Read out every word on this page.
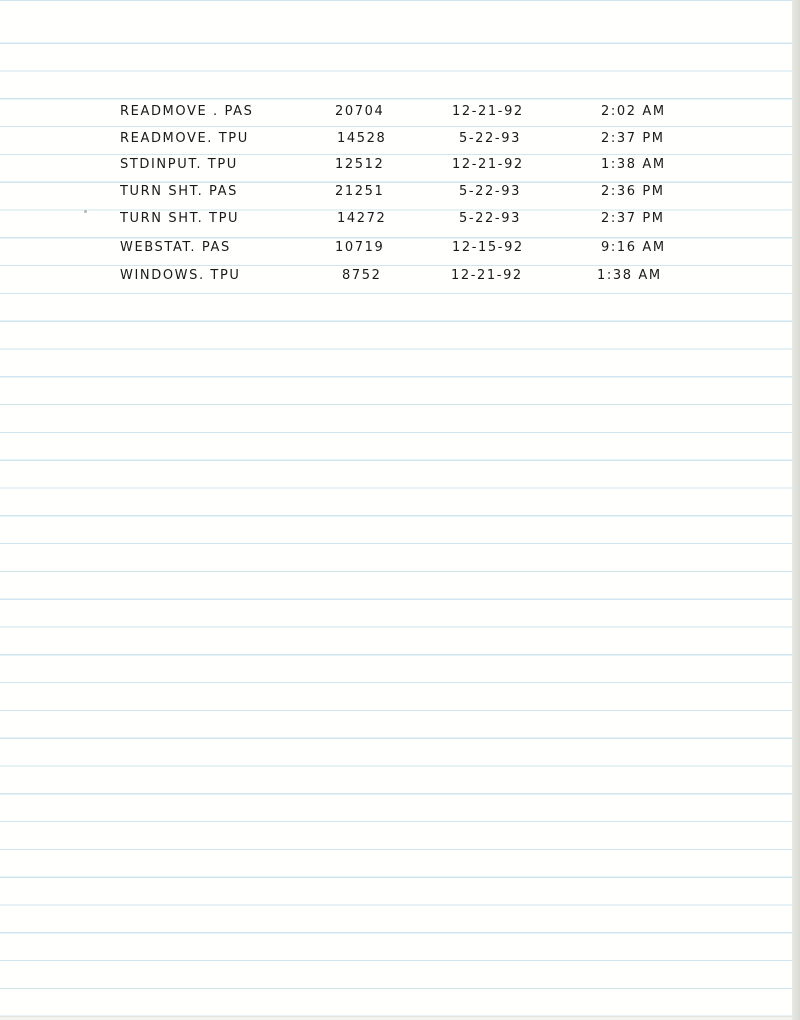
READMOVE . PAS	20704	12-21-92	2:02 AM
READMOVE. TPU	14528	5-22-93	2:37 PM
STDINPUT. TPU	12512	12-21-92	1:38 AM
TURN SHT. PAS	21251	5-22-93	2:36 PM
TURN SHT. TPU	14272	5-22-93	2:37 PM
WEBSTAT. PAS	10719	12-15-92	9:16 AM
WINDOWS. TPU	8752	12-21-92	1:38 AM
